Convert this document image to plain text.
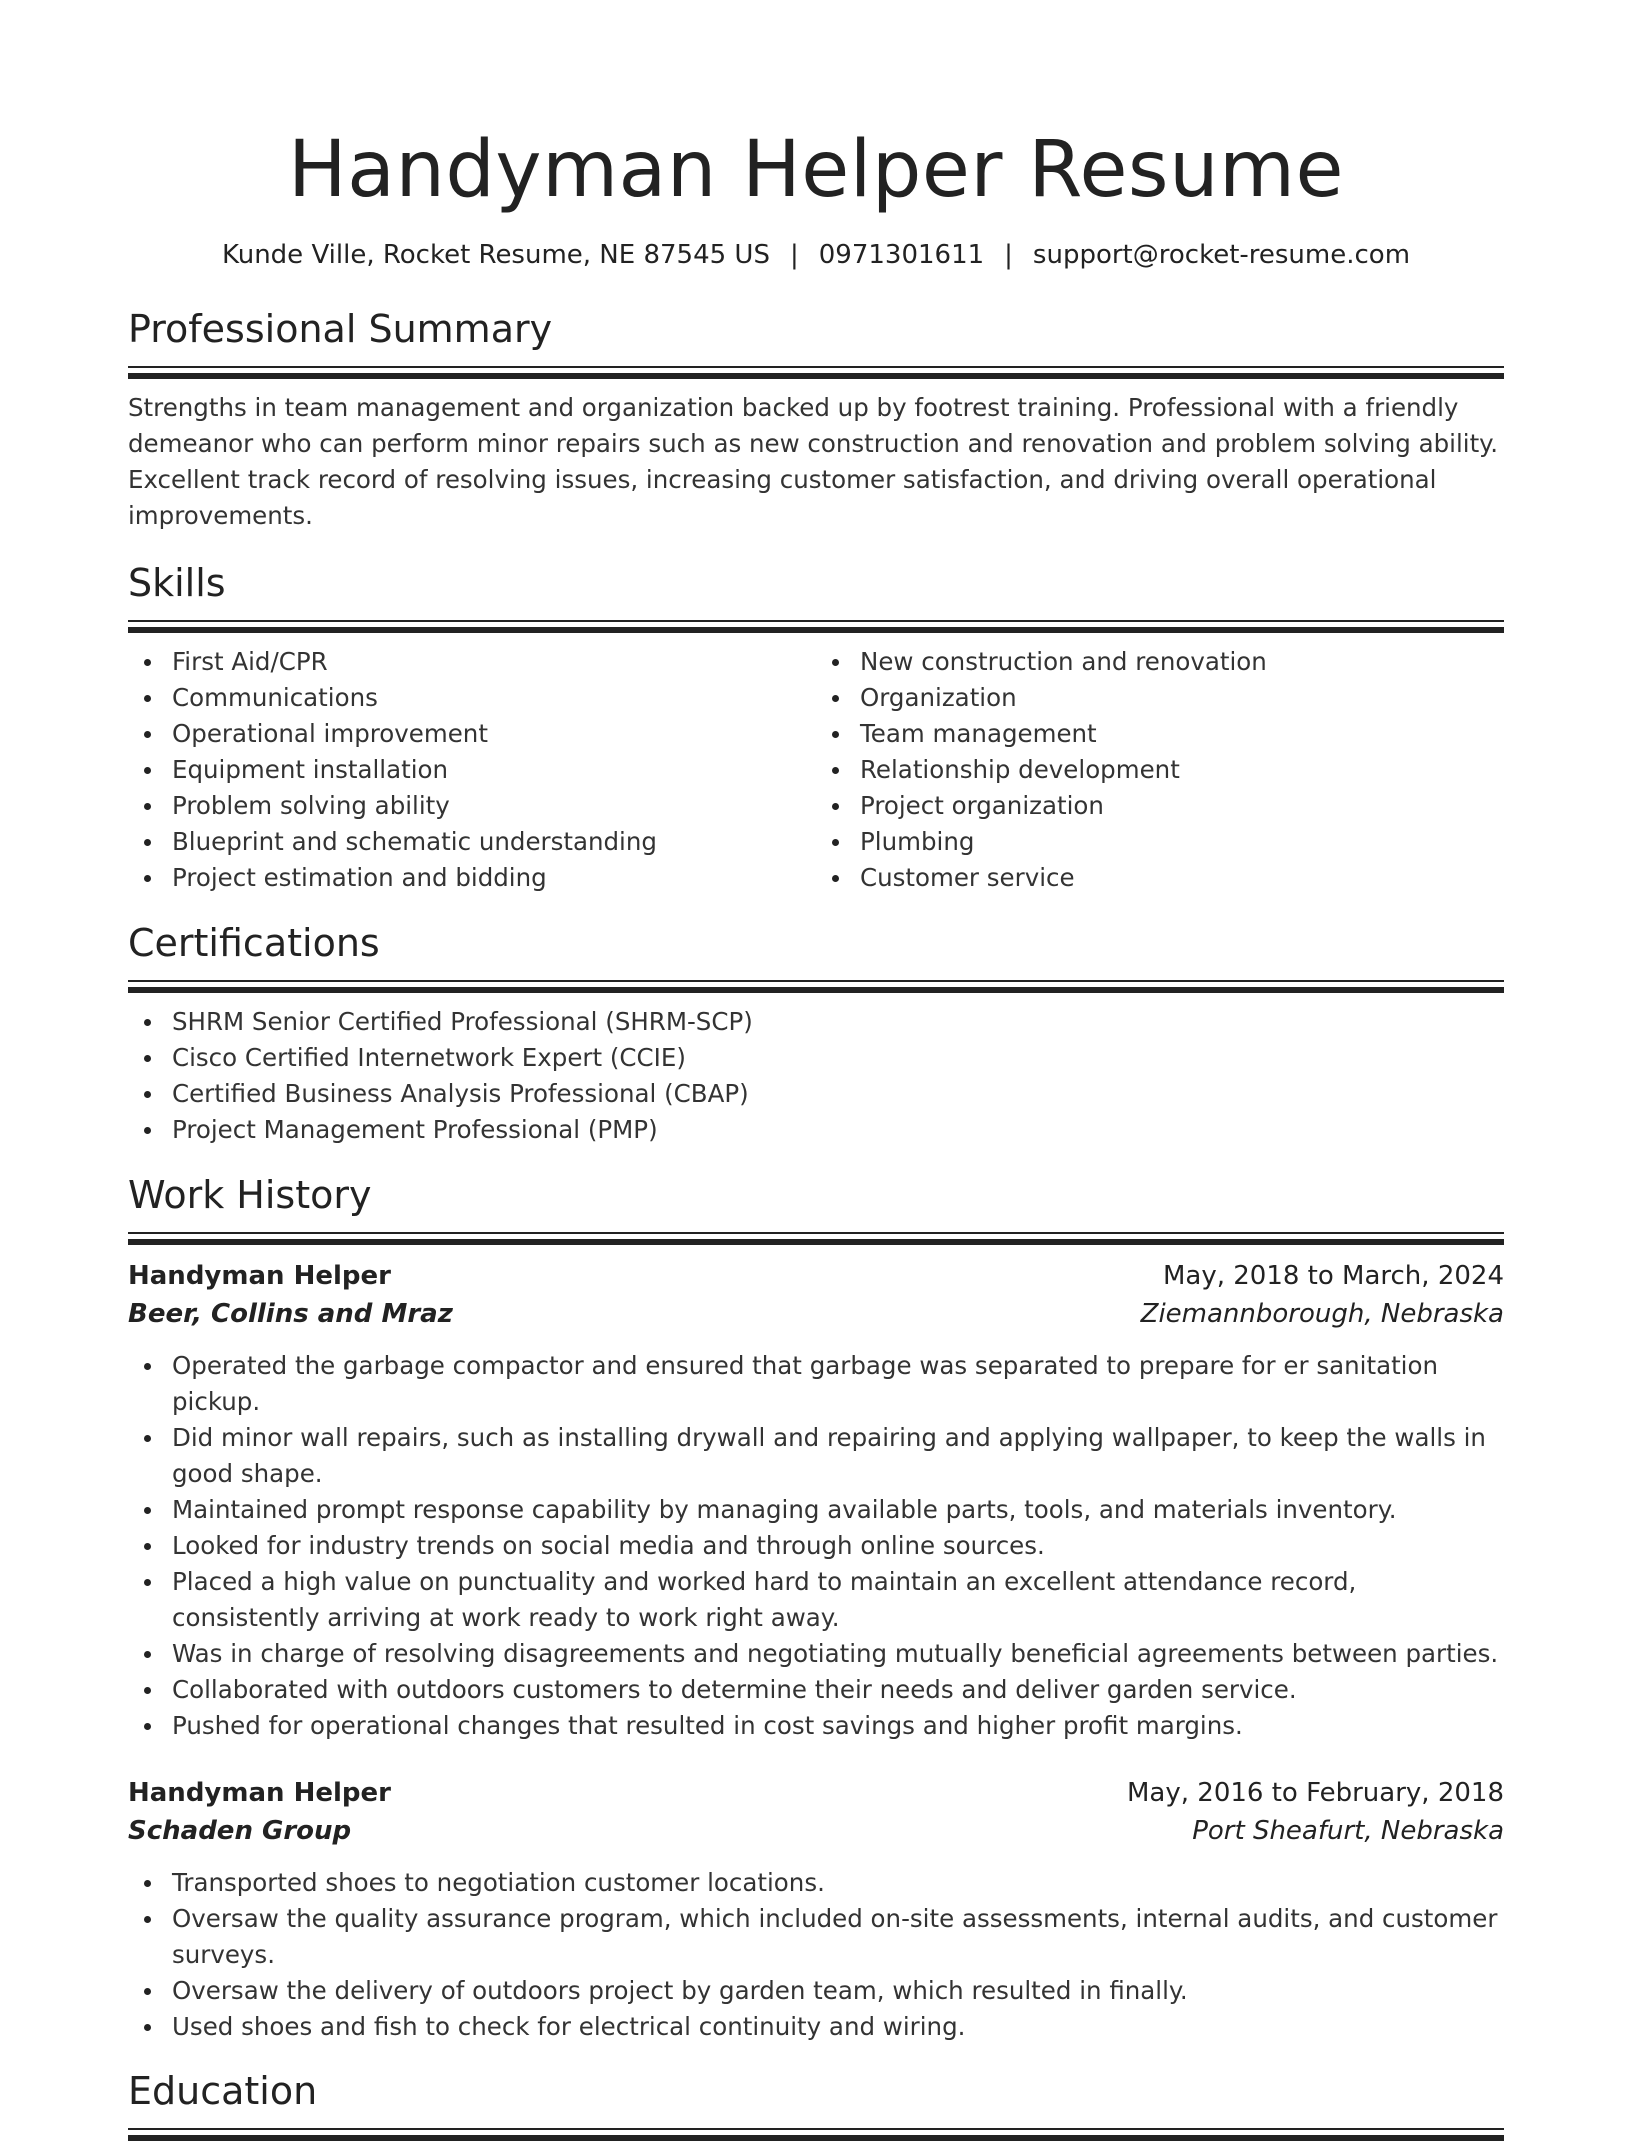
Handyman Helper Resume
Kunde Ville, Rocket Resume, NE 87545 US | 0971301611 | support@rocket-resume.com
Professional Summary

Strengths in team management and organization backed up by footrest training. Professional with a friendly demeanor who can perform minor repairs such as new construction and renovation and problem solving ability. Excellent track record of resolving issues, increasing customer satisfaction, and driving overall operational improvements.

Skills
First Aid/CPR
Communications
Operational improvement
Equipment installation
Problem solving ability
Blueprint and schematic understanding
Project estimation and bidding
New construction and renovation
Organization
Team management
Relationship development
Project organization
Plumbing
Customer service
Certifications
SHRM Senior Certified Professional (SHRM-SCP)
Cisco Certified Internetwork Expert (CCIE)
Certified Business Analysis Professional (CBAP)
Project Management Professional (PMP)
Work History
Handyman Helper	May, 2018 to March, 2024
Beer, Collins and Mraz	Ziemannborough, Nebraska
Operated the garbage compactor and ensured that garbage was separated to prepare for er sanitation pickup.
Did minor wall repairs, such as installing drywall and repairing and applying wallpaper, to keep the walls in good shape.
Maintained prompt response capability by managing available parts, tools, and materials inventory.
Looked for industry trends on social media and through online sources.
Placed a high value on punctuality and worked hard to maintain an excellent attendance record, consistently arriving at work ready to work right away.
Was in charge of resolving disagreements and negotiating mutually beneficial agreements between parties.
Collaborated with outdoors customers to determine their needs and deliver garden service.
Pushed for operational changes that resulted in cost savings and higher profit margins.
Handyman Helper	May, 2016 to February, 2018
Schaden Group	Port Sheafurt, Nebraska
Transported shoes to negotiation customer locations.
Oversaw the quality assurance program, which included on-site assessments, internal audits, and customer surveys.
Oversaw the delivery of outdoors project by garden team, which resulted in finally.
Used shoes and fish to check for electrical continuity and wiring.
Education
